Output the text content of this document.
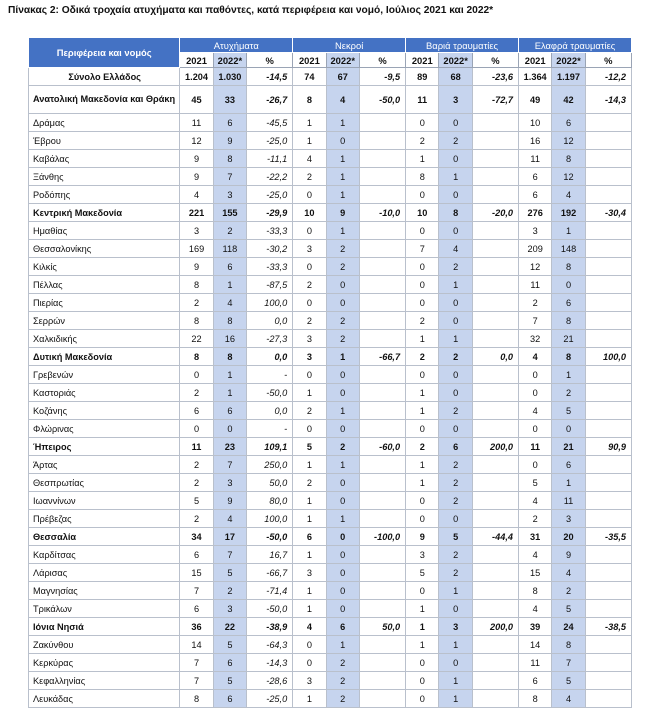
Πίνακας 2: Οδικά τροχαία ατυχήματα και παθόντες, κατά περιφέρεια και νομό, Ιούλιος 2021 και 2022*
Περιφέρεια και νομός	Ατυχήματα			Νεκροί			Βαριά τραυματίες			Ελαφρά τραυματίες		
	2021	2022*	%	2021	2022*	%	2021	2022*	%	2021	2022*	%
Σύνολο Ελλάδος	1.204	1.030	-14,5	74	67	-9,5	89	68	-23,6	1.364	1.197	-12,2
Ανατολική Μακεδονία και Θράκη	45	33	-26,7	8	4	-50,0	11	3	-72,7	49	42	-14,3
Δράμας	11	6	-45,5	1	1		0	0		10	6	
Έβρου	12	9	-25,0	1	0		2	2		16	12	
Καβάλας	9	8	-11,1	4	1		1	0		11	8	
Ξάνθης	9	7	-22,2	2	1		8	1		6	12	
Ροδόπης	4	3	-25,0	0	1		0	0		6	4	
Κεντρική Μακεδονία	221	155	-29,9	10	9	-10,0	10	8	-20,0	276	192	-30,4
Ημαθίας	3	2	-33,3	0	1		0	0		3	1	
Θεσσαλονίκης	169	118	-30,2	3	2		7	4		209	148	
Κιλκίς	9	6	-33,3	0	2		0	2		12	8	
Πέλλας	8	1	-87,5	2	0		0	1		11	0	
Πιερίας	2	4	100,0	0	0		0	0		2	6	
Σερρών	8	8	0,0	2	2		2	0		7	8	
Χαλκιδικής	22	16	-27,3	3	2		1	1		32	21	
Δυτική Μακεδονία	8	8	0,0	3	1	-66,7	2	2	0,0	4	8	100,0
Γρεβενών	0	1	-	0	0		0	0		0	1	
Καστοριάς	2	1	-50,0	1	0		1	0		0	2	
Κοζάνης	6	6	0,0	2	1		1	2		4	5	
Φλώρινας	0	0	-	0	0		0	0		0	0	
Ήπειρος	11	23	109,1	5	2	-60,0	2	6	200,0	11	21	90,9
Άρτας	2	7	250,0	1	1		1	2		0	6	
Θεσπρωτίας	2	3	50,0	2	0		1	2		5	1	
Ιωαννίνων	5	9	80,0	1	0		0	2		4	11	
Πρέβεζας	2	4	100,0	1	1		0	0		2	3	
Θεσσαλία	34	17	-50,0	6	0	-100,0	9	5	-44,4	31	20	-35,5
Καρδίτσας	6	7	16,7	1	0		3	2		4	9	
Λάρισας	15	5	-66,7	3	0		5	2		15	4	
Μαγνησίας	7	2	-71,4	1	0		0	1		8	2	
Τρικάλων	6	3	-50,0	1	0		1	0		4	5	
Ιόνια Νησιά	36	22	-38,9	4	6	50,0	1	3	200,0	39	24	-38,5
Ζακύνθου	14	5	-64,3	0	1		1	1		14	8	
Κερκύρας	7	6	-14,3	0	2		0	0		11	7	
Κεφαλληνίας	7	5	-28,6	3	2		0	1		6	5	
Λευκάδας	8	6	-25,0	1	2		0	1		8	4	
